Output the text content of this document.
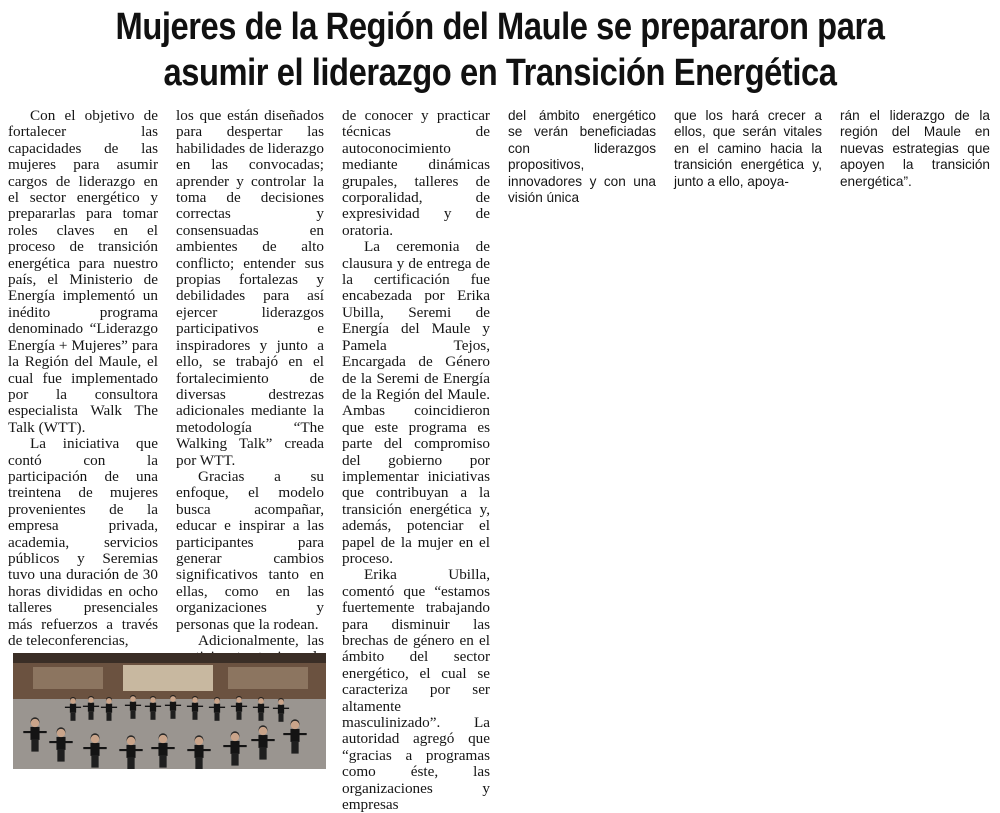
Mujeres de la Región del Maule se prepararon para
asumir el liderazgo en Transición Energética

Con el objetivo de fortalecer las capacidades de las mujeres para asumir cargos de liderazgo en el sector energético y prepararlas para tomar roles claves en el proceso de transición energética para nuestro país, el Ministerio de Energía implementó un inédito programa denominado “Liderazgo Energía + Mujeres” para la Región del Maule, el cual fue implementado por la consultora especialista Walk The Talk (WTT).

La iniciativa que contó con la participación de una treintena de mujeres provenientes de la empresa privada, academia, servicios públicos y Seremias tuvo una duración de 30 horas divididas en ocho talleres presenciales más refuerzos a través de teleconferencias,

los que están diseñados para despertar las habilidades de liderazgo en las convocadas; aprender y controlar la toma de decisiones correctas y consensuadas en ambientes de alto conflicto; entender sus propias fortalezas y debilidades para así ejercer liderazgos participativos e inspiradores y junto a ello, se trabajó en el fortalecimiento de diversas destrezas adicionales mediante la metodología “The Walking Talk” creada por WTT.

Gracias a su enfoque, el modelo busca acompañar, educar e inspirar a las participantes para generar cambios significativos tanto en ellas, como en las organizaciones y personas que la rodean.

Adicionalmente, las

de conocer y practicar técnicas de autoconocimiento mediante dinámicas grupales, talleres de corporalidad, de expresividad y de oratoria.

La ceremonia de clausura y de entrega de la certificación fue encabezada por Erika Ubilla, Seremi de Energía del Maule y Pamela Tejos, Encargada de Género de la Seremi de Energía de la Región del Maule. Ambas coincidieron que este programa es parte del compromiso del gobierno por implementar iniciativas que contribuyan a la transición energética y, además, potenciar el papel de la mujer en el proceso.

Erika Ubilla, comentó que “estamos fuertemente trabajando para disminuir las brechas de género en el ámbito del sector energético, el cual se caracteriza por ser altamente masculinizado”. La autoridad agregó que “gracias a programas como éste, las organizaciones y empresas

del ámbito energético se verán beneficiadas con liderazgos propositivos, innovadores y con una visión única

que los hará crecer a ellos, que serán vitales en el camino hacia la transición energética y, junto a ello, apoya-

rán el liderazgo de la región del Maule en nuevas estrategias que apoyen la transición energética”.
